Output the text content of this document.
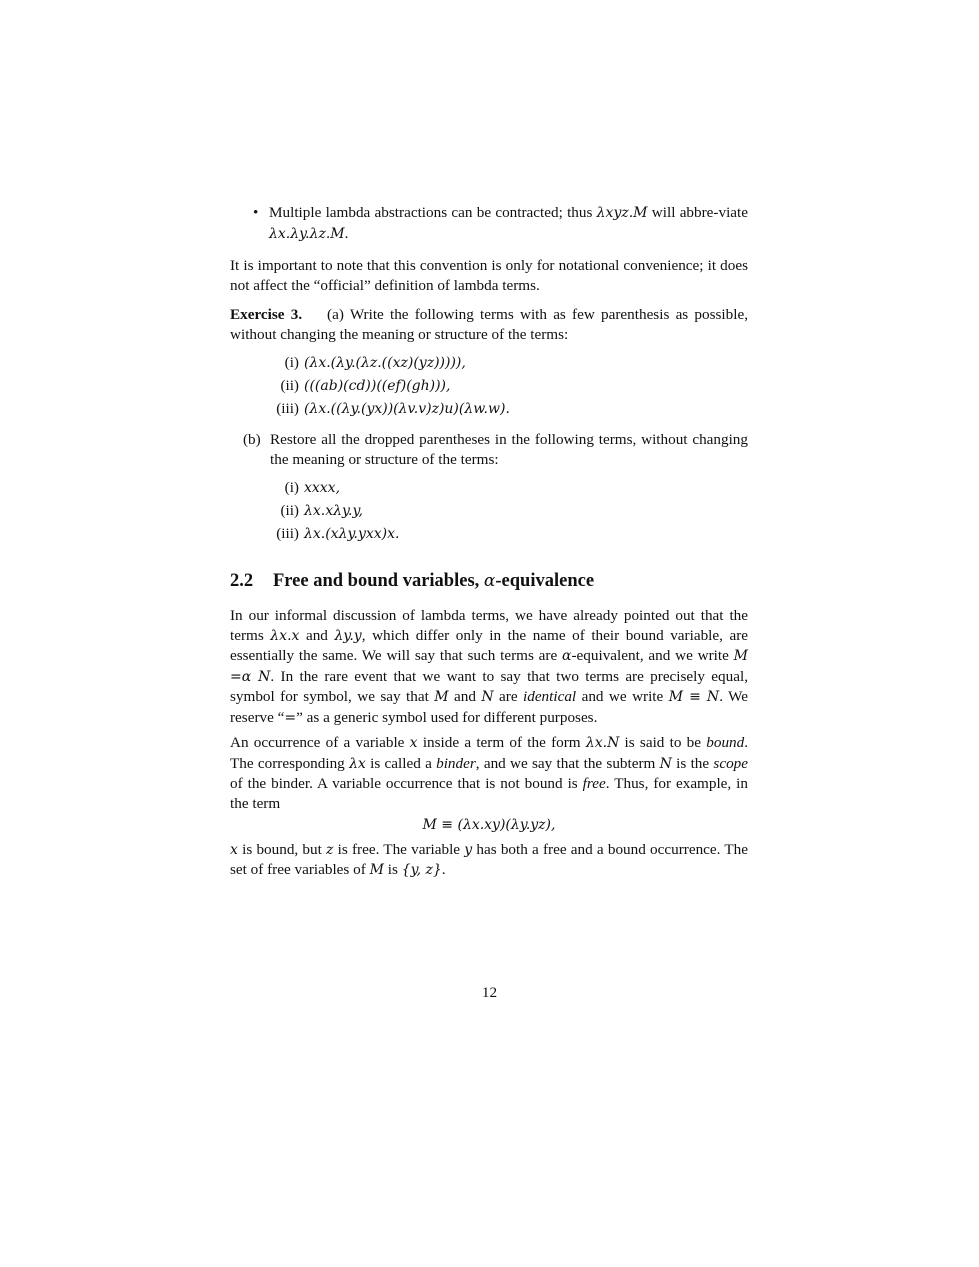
• Multiple lambda abstractions can be contracted; thus λxyz.M will abbre-viate λx.λy.λz.M.

It is important to note that this convention is only for notational convenience; it does not affect the “official” definition of lambda terms.

Exercise 3. (a) Write the following terms with as few parenthesis as possible, without changing the meaning or structure of the terms:

(i) (λx.(λy.(λz.((xz)(yz))))),
(ii) (((ab)(cd))((ef)(gh))),
(iii) (λx.((λy.(yx))(λv.v)z)u)(λw.w).
(b) Restore all the dropped parentheses in the following terms, without changing the meaning or structure of the terms:

(i) xxxx,
(ii) λx.xλy.y,
(iii) λx.(xλy.yxx)x.
2.2 Free and bound variables, α-equivalence

In our informal discussion of lambda terms, we have already pointed out that the terms λx.x and λy.y, which differ only in the name of their bound variable, are essentially the same. We will say that such terms are α-equivalent, and we write M =α N. In the rare event that we want to say that two terms are precisely equal, symbol for symbol, we say that M and N are identical and we write M ≡ N. We reserve “=” as a generic symbol used for different purposes.

An occurrence of a variable x inside a term of the form λx.N is said to be bound. The corresponding λx is called a binder, and we say that the subterm N is the scope of the binder. A variable occurrence that is not bound is free. Thus, for example, in the term

M ≡ (λx.xy)(λy.yz),

x is bound, but z is free. The variable y has both a free and a bound occurrence. The set of free variables of M is {y, z}.

12
